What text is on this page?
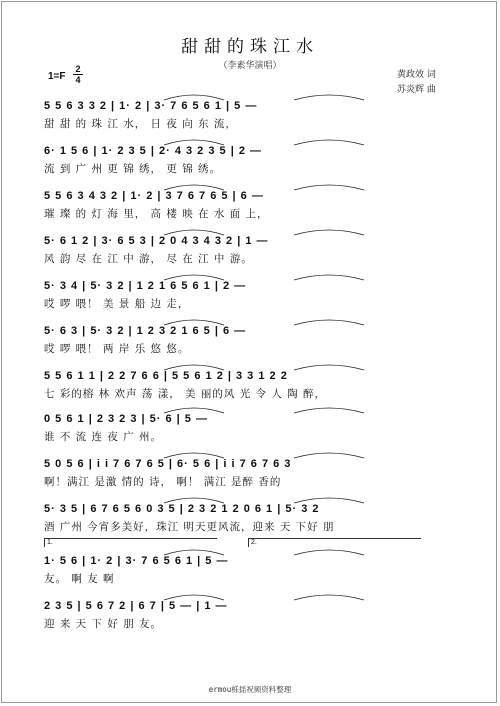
甜甜的珠江水
（李素华演唱）
1=F
2
4	黄政效 词
苏炎辉 曲
5 5 6 3 3 2 | 1· 2 | 3· 7 6 5 6 1 | 5 —
甜 甜 的 珠 江 水， 日 夜 向 东 流，
6· 1 5 6 | 1· 2 3 5 | 2· 4 3 2 3 5 | 2 —
流 到 广 州 更 锦 绣， 更 锦 绣。
5 5 6 3 4 3 2 | 1· 2 | 3 7 6 7 6 5 | 6 —
璀 璨 的 灯 海 里， 高 楼 映 在 水 面 上，
5· 6 1 2 | 3· 6 5 3 | 2 0 4 3 4 3 2 | 1 —
风 韵 尽 在 江 中 游， 尽 在 江 中 游。
5· 3 4 | 5· 3 2 | 1 2 1 6 5 6 1 | 2 —
哎 啰 喂！ 美 景 船 边 走，
5· 6 3 | 5· 3 2 | 1 2 3 2 1 6 5 | 6 —
哎 啰 喂！ 两 岸 乐 悠 悠。
5 5 6 1 1 | 2 2 7 6 6 | 5 5 6 1 2 | 3 3 1 2 2
七 彩的榕 林 欢声 荡 漾， 美 丽的风 光 令 人 陶 醉，
0 5 6 1 | 2 3 2 3 | 5· 6 | 5 —
谁 不 流 连 夜 广 州。
5 0 5 6 | i i 7 6 7 6 5 | 6· 5 6 | i i 7 6 7 6 3
啊！满江 是激 情的 诗， 啊！ 满江 是醉 香的
5· 3 5 | 6 7 6 5 6 0 3 5 | 2 3 2 1 2 0 6 1 | 5· 3 2
酒 广州 今宵多美好，珠江 明天更风流，迎来 天 下好 朋
1· 5 6 | 1· 2 | 3· 7 6 5 6 1 | 5 —
友。 啊 友 啊
2 3 5 | 5 6 7 2 | 6 7 | 5 — | 1 —
迎 来 天 下 好 朋 友。
ermou栎揺祝频资料整理
1.	2.
